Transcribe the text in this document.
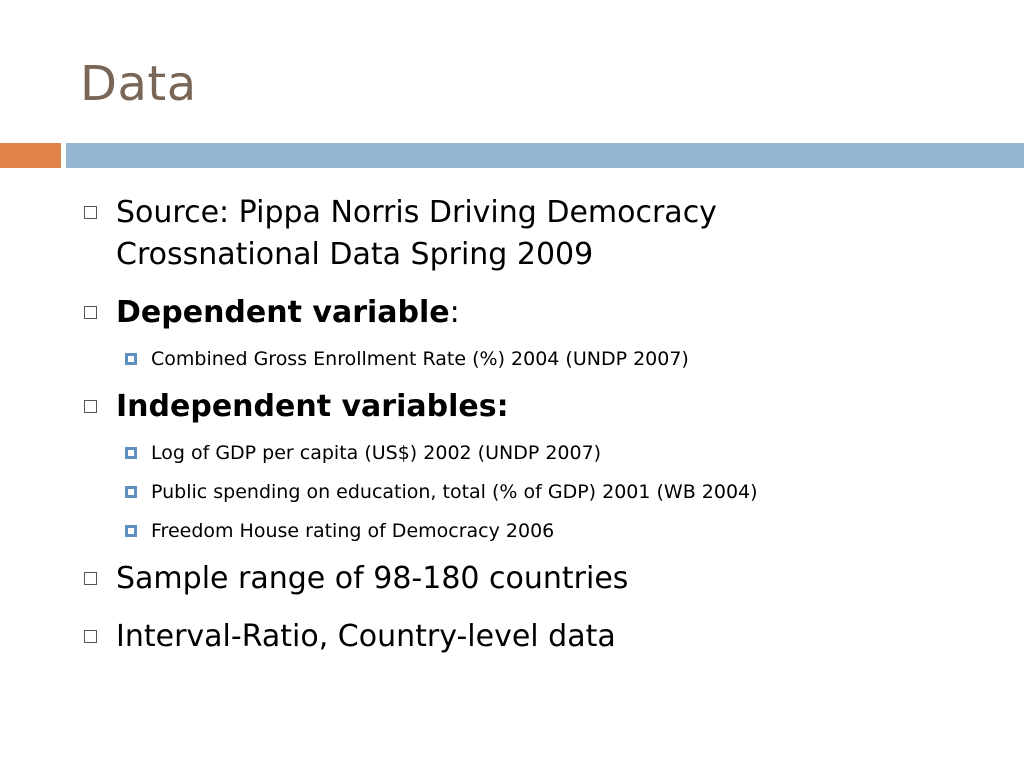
Data
Source: Pippa Norris Driving Democracy
Crossnational Data Spring 2009
Dependent variable:
Combined Gross Enrollment Rate (%) 2004 (UNDP 2007)
Independent variables:
Log of GDP per capita (US$) 2002 (UNDP 2007)
Public spending on education, total (% of GDP) 2001 (WB 2004)
Freedom House rating of Democracy 2006
Sample range of 98-180 countries
Interval-Ratio, Country-level data
